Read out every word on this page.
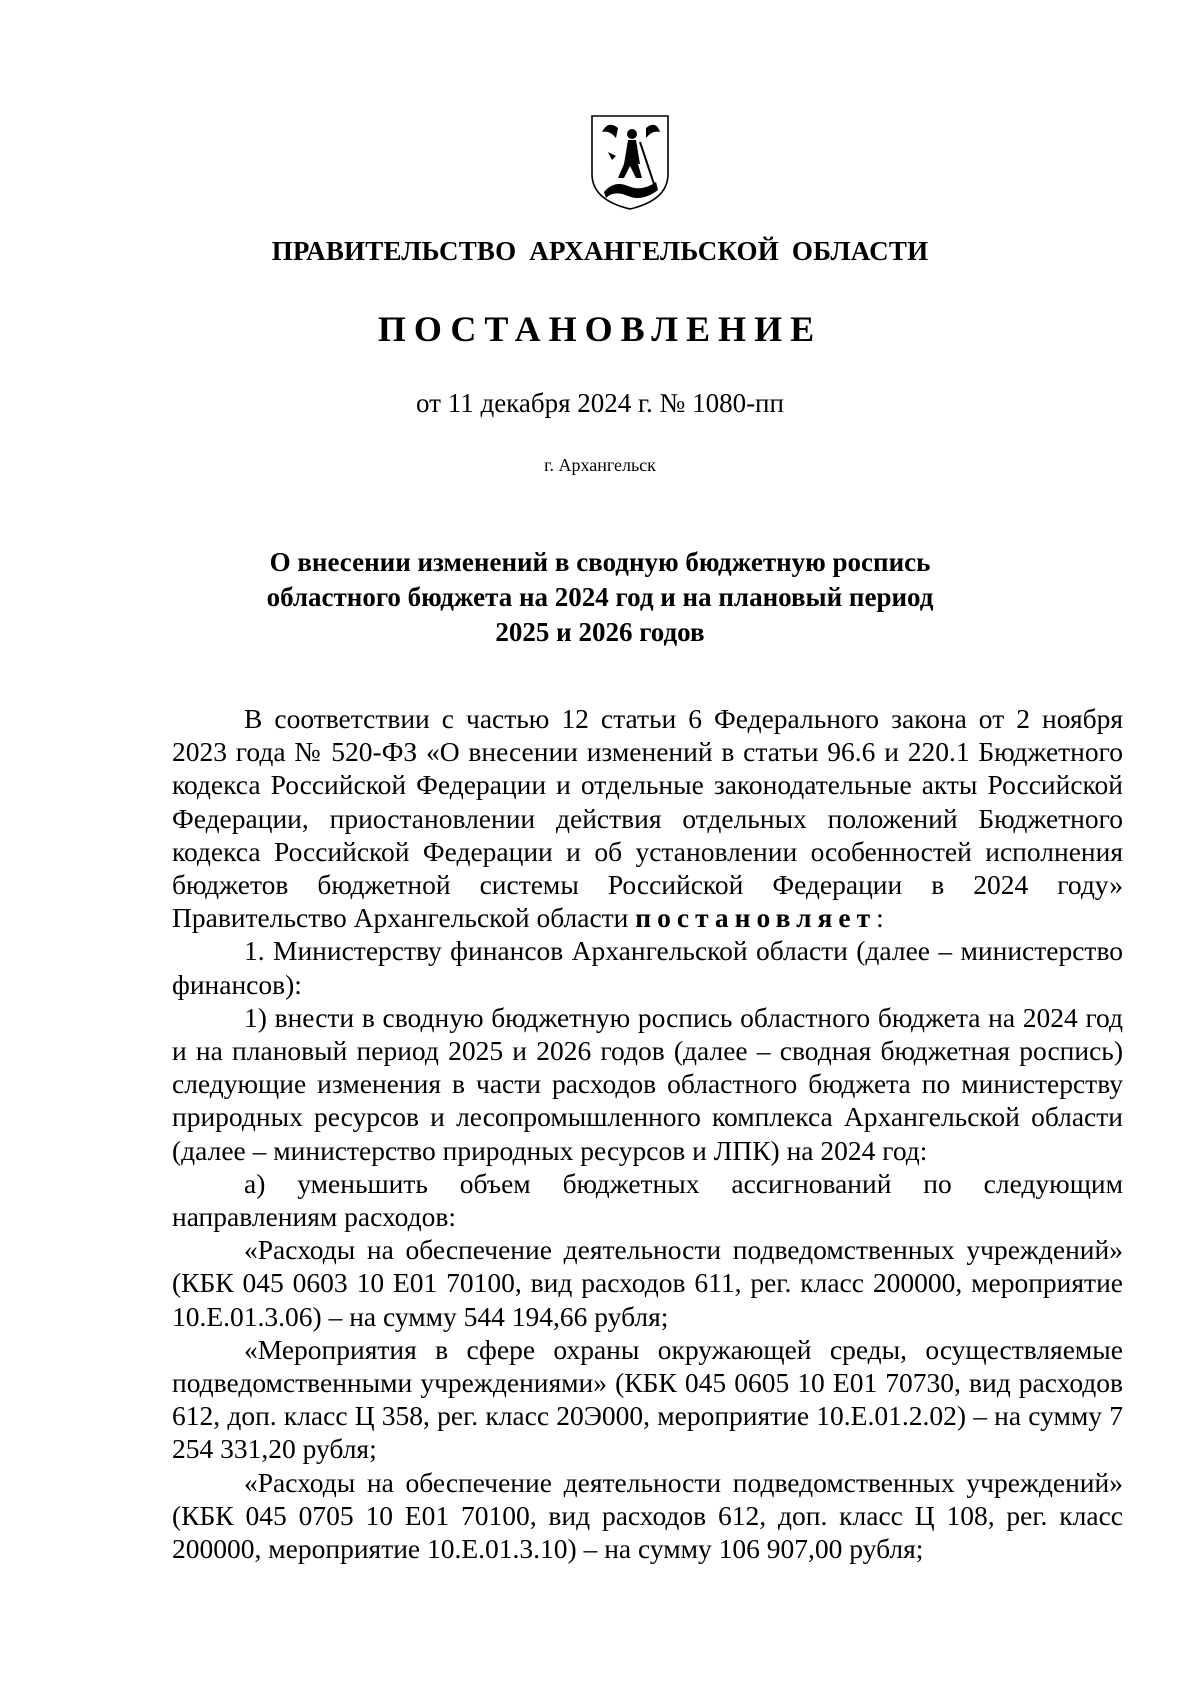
ПРАВИТЕЛЬСТВО АРХАНГЕЛЬСКОЙ ОБЛАСТИ
ПОСТАНОВЛЕНИЕ
от 11 декабря 2024 г. № 1080-пп
г. Архангельск
О внесении изменений в сводную бюджетную роспись
областного бюджета на 2024 год и на плановый период
2025 и 2026 годов

В соответствии с частью 12 статьи 6 Федерального закона от 2 ноября 2023 года № 520-ФЗ «О внесении изменений в статьи 96.6 и 220.1 Бюджетного кодекса Российской Федерации и отдельные законодательные акты Российской Федерации, приостановлении действия отдельных положений Бюджетного кодекса Российской Федерации и об установлении особенностей исполнения бюджетов бюджетной системы Российской Федерации в 2024 году» Правительство Архангельской области постановляет:

1. Министерству финансов Архангельской области (далее – министерство финансов):

1) внести в сводную бюджетную роспись областного бюджета на 2024 год и на плановый период 2025 и 2026 годов (далее – сводная бюджетная роспись) следующие изменения в части расходов областного бюджета по министерству природных ресурсов и лесопромышленного комплекса Архангельской области (далее – министерство природных ресурсов и ЛПК) на 2024 год:

а) уменьшить объем бюджетных ассигнований по следующим направлениям расходов:

«Расходы на обеспечение деятельности подведомственных учреждений» (КБК 045 0603 10 Е01 70100, вид расходов 611, рег. класс 200000, мероприятие 10.Е.01.3.06) – на сумму 544 194,66 рубля;

«Мероприятия в сфере охраны окружающей среды, осуществляемые подведомственными учреждениями» (КБК 045 0605 10 Е01 70730, вид расходов 612, доп. класс Ц 358, рег. класс 20Э000, мероприятие 10.Е.01.2.02) – на сумму 7 254 331,20 рубля;

«Расходы на обеспечение деятельности подведомственных учреждений» (КБК 045 0705 10 Е01 70100, вид расходов 612, доп. класс Ц 108, рег. класс 200000, мероприятие 10.Е.01.3.10) – на сумму 106 907,00 рубля;
